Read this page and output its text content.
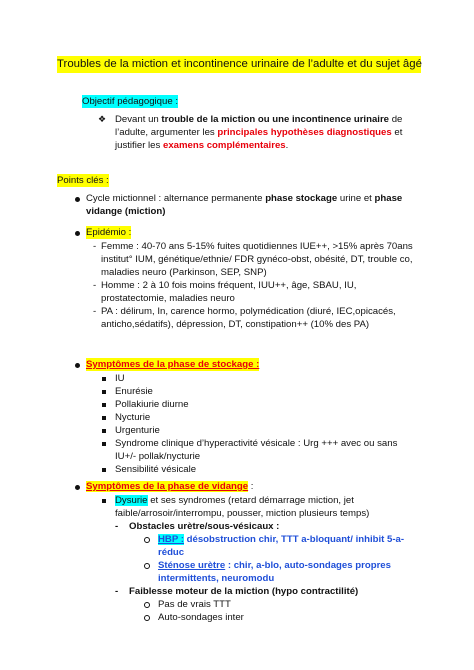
Troubles de la miction et incontinence urinaire de l’adulte et du sujet âgé
Objectif pédagogique :
❖ Devant un trouble de la miction ou une incontinence urinaire de
l’adulte, argumenter les principales hypothèses diagnostiques et
justifier les examens complémentaires.
Points clés :
Cycle mictionnel : alternance permanente phase stockage urine et phase
vidange (miction)
Epidémio :
- Femme : 40-70 ans 5-15% fuites quotidiennes IUE++, >15% après 70ans
institut° IUM, génétique/ethnie/ FDR gynéco-obst, obésité, DT, trouble co,
maladies neuro (Parkinson, SEP, SNP)
- Homme : 2 à 10 fois moins fréquent, IUU++, âge, SBAU, IU,
prostatectomie, maladies neuro
- PA : délirum, In, carence hormo, polymédication (diuré, IEC,opicacés,
anticho,sédatifs), dépression, DT, constipation++ (10% des PA)
Symptômes de la phase de stockage :
IU
Enurésie
Pollakiurie diurne
Nycturie
Urgenturie
Syndrome clinique d’hyperactivité vésicale : Urg +++ avec ou sans
IU+/- pollak/nycturie
Sensibilité vésicale
Symptômes de la phase de vidange :
Dysurie et ses syndromes (retard démarrage miction, jet
faible/arrosoir/interrompu, pousser, miction plusieurs temps)
- Obstacles urètre/sous-vésicaux :
HBP : désobstruction chir, TTT a-bloquant/ inhibit 5-a-
réduc
Sténose urètre : chir, a-blo, auto-sondages propres
intermittents, neuromodu
- Faiblesse moteur de la miction (hypo contractilité)
Pas de vrais TTT
Auto-sondages inter
